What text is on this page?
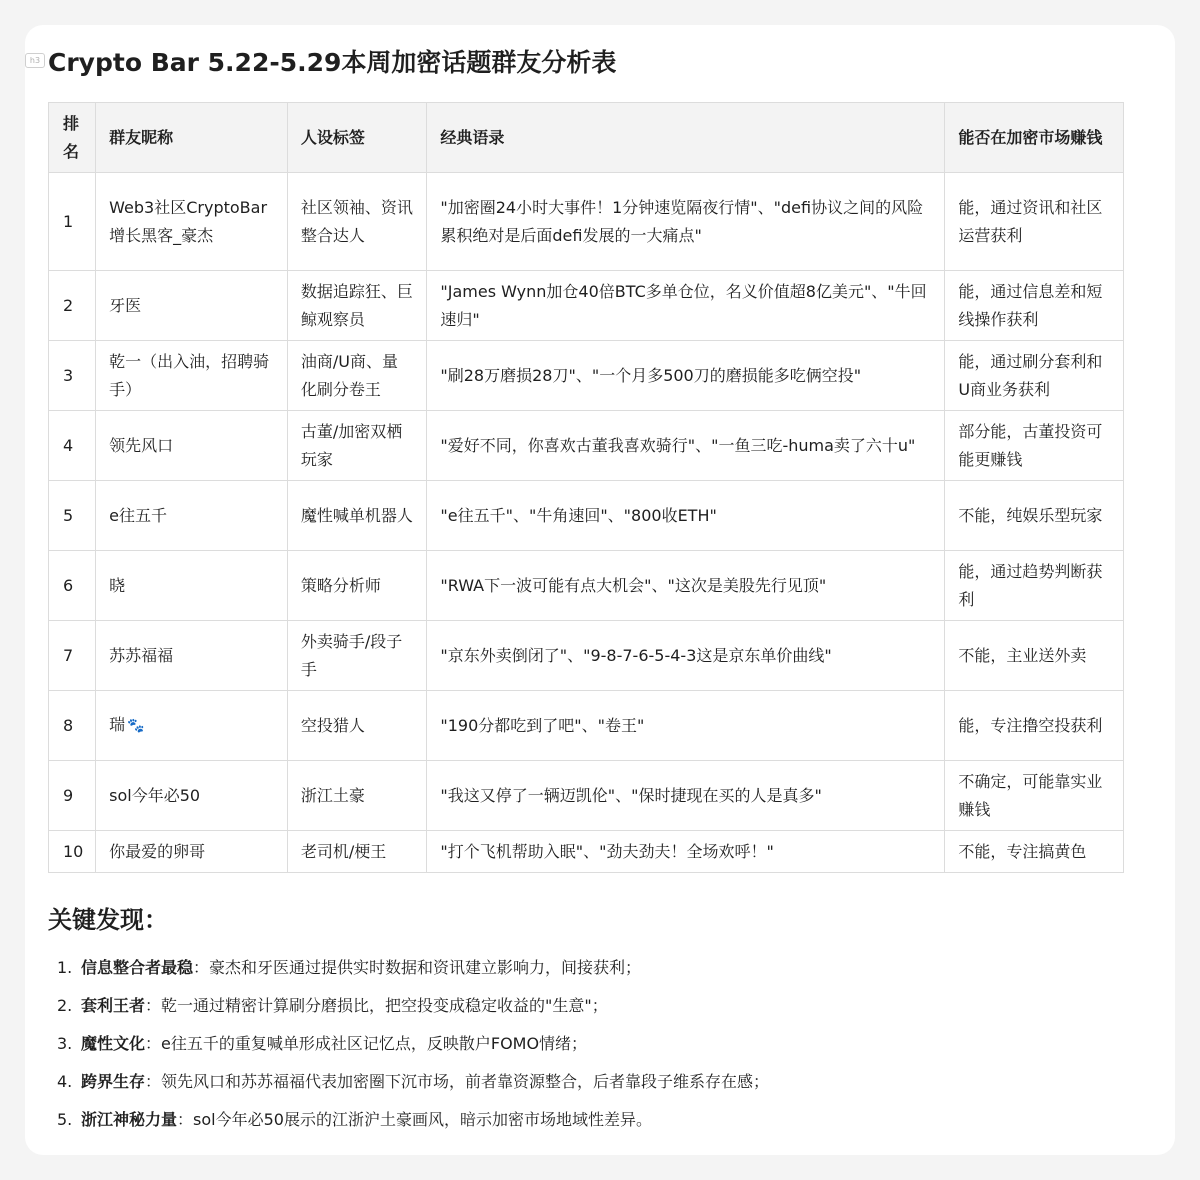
h3 Crypto Bar 5.22-5.29本周加密话题群友分析表
排名	群友昵称	人设标签	经典语录	能否在加密市场赚钱
1	Web3社区CryptoBar增长黑客_豪杰	社区领袖、资讯整合达人	"加密圈24小时大事件！1分钟速览隔夜行情"、"defi协议之间的风险累积绝对是后面defi发展的一大痛点"	能，通过资讯和社区运营获利
2	牙医	数据追踪狂、巨鲸观察员	"James Wynn加仓40倍BTC多单仓位，名义价值超8亿美元"、"牛回速归"	能，通过信息差和短线操作获利
3	乾一（出入油，招聘骑手）	油商/U商、量化刷分卷王	"刷28万磨损28刀"、"一个月多500刀的磨损能多吃俩空投"	能，通过刷分套利和U商业务获利
4	领先风口	古董/加密双栖玩家	"爱好不同，你喜欢古董我喜欢骑行"、"一鱼三吃-huma卖了六十u"	部分能，古董投资可能更赚钱
5	e往五千	魔性喊单机器人	"e往五千"、"牛角速回"、"800收ETH"	不能，纯娱乐型玩家
6	晓	策略分析师	"RWA下一波可能有点大机会"、"这次是美股先行见顶"	能，通过趋势判断获利
7	苏苏福福	外卖骑手/段子手	"京东外卖倒闭了"、"9-8-7-6-5-4-3这是京东单价曲线"	不能，主业送外卖
8	瑞 🐾	空投猎人	"190分都吃到了吧"、"卷王"	能，专注撸空投获利
9	sol今年必50	浙江土豪	"我这又停了一辆迈凯伦"、"保时捷现在买的人是真多"	不确定，可能靠实业赚钱
10	你最爱的卵哥	老司机/梗王	"打个飞机帮助入眠"、"劲夫劲夫！全场欢呼！"	不能，专注搞黄色
关键发现：
1. 信息整合者最稳：豪杰和牙医通过提供实时数据和资讯建立影响力，间接获利；
2. 套利王者：乾一通过精密计算刷分磨损比，把空投变成稳定收益的"生意"；
3. 魔性文化：e往五千的重复喊单形成社区记忆点，反映散户FOMO情绪；
4. 跨界生存：领先风口和苏苏福福代表加密圈下沉市场，前者靠资源整合，后者靠段子维系存在感；
5. 浙江神秘力量：sol今年必50展示的江浙沪土豪画风，暗示加密市场地域性差异。
